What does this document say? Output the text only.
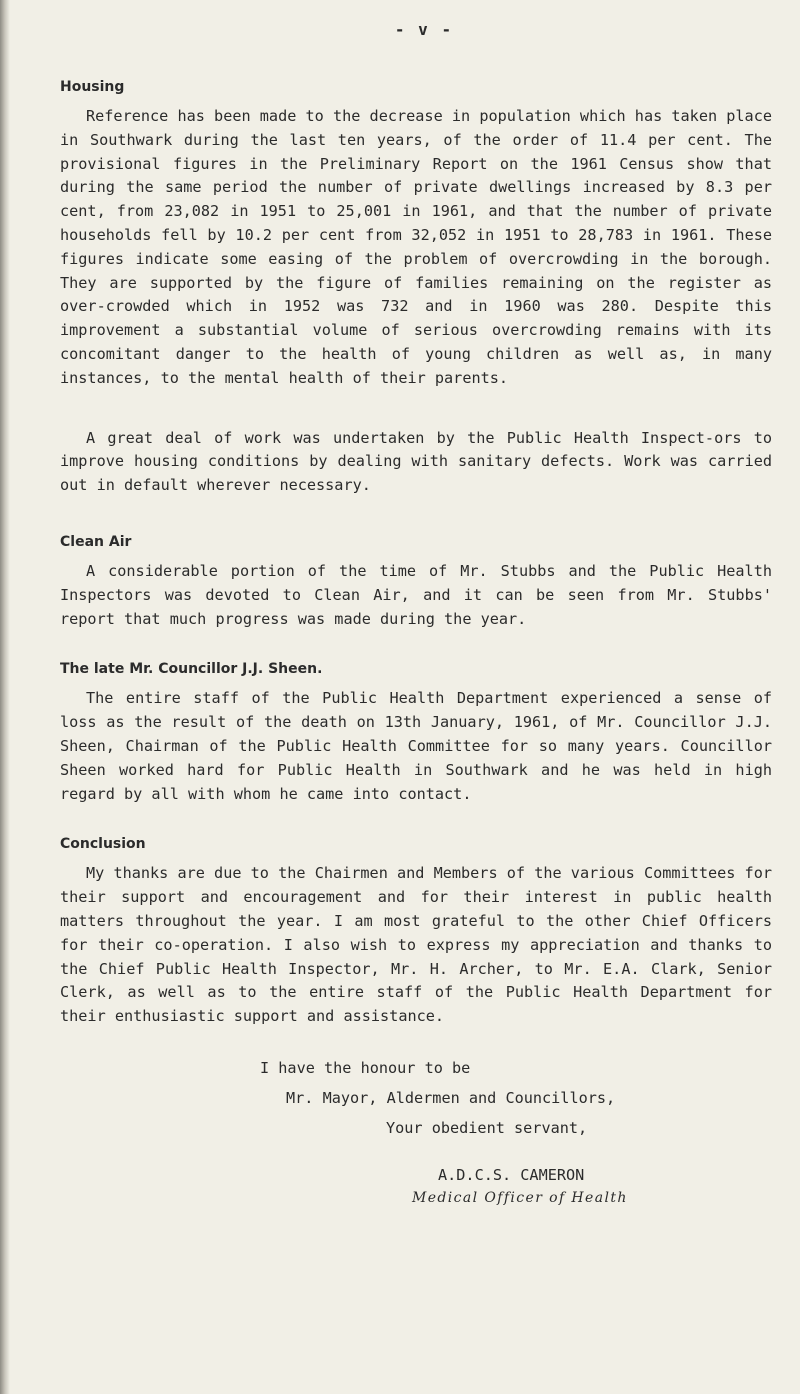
- v -
Housing

Reference has been made to the decrease in population which has taken place in Southwark during the last ten years, of the order of 11.4 per cent. The provisional figures in the Preliminary Report on the 1961 Census show that during the same period the number of private dwellings increased by 8.3 per cent, from 23,082 in 1951 to 25,001 in 1961, and that the number of private households fell by 10.2 per cent from 32,052 in 1951 to 28,783 in 1961. These figures indicate some easing of the problem of overcrowding in the borough. They are supported by the figure of families remaining on the register as over-crowded which in 1952 was 732 and in 1960 was 280. Despite this improvement a substantial volume of serious overcrowding remains with its concomitant danger to the health of young children as well as, in many instances, to the mental health of their parents.

A great deal of work was undertaken by the Public Health Inspect-ors to improve housing conditions by dealing with sanitary defects. Work was carried out in default wherever necessary.

Clean Air

A considerable portion of the time of Mr. Stubbs and the Public Health Inspectors was devoted to Clean Air, and it can be seen from Mr. Stubbs' report that much progress was made during the year.

The late Mr. Councillor J.J. Sheen.

The entire staff of the Public Health Department experienced a sense of loss as the result of the death on 13th January, 1961, of Mr. Councillor J.J. Sheen, Chairman of the Public Health Committee for so many years. Councillor Sheen worked hard for Public Health in Southwark and he was held in high regard by all with whom he came into contact.

Conclusion

My thanks are due to the Chairmen and Members of the various Committees for their support and encouragement and for their interest in public health matters throughout the year. I am most grateful to the other Chief Officers for their co-operation. I also wish to express my appreciation and thanks to the Chief Public Health Inspector, Mr. H. Archer, to Mr. E.A. Clark, Senior Clerk, as well as to the entire staff of the Public Health Department for their enthusiastic support and assistance.

I have the honour to be
Mr. Mayor, Aldermen and Councillors,
Your obedient servant,
A.D.C.S. CAMERON
Medical Officer of Health
